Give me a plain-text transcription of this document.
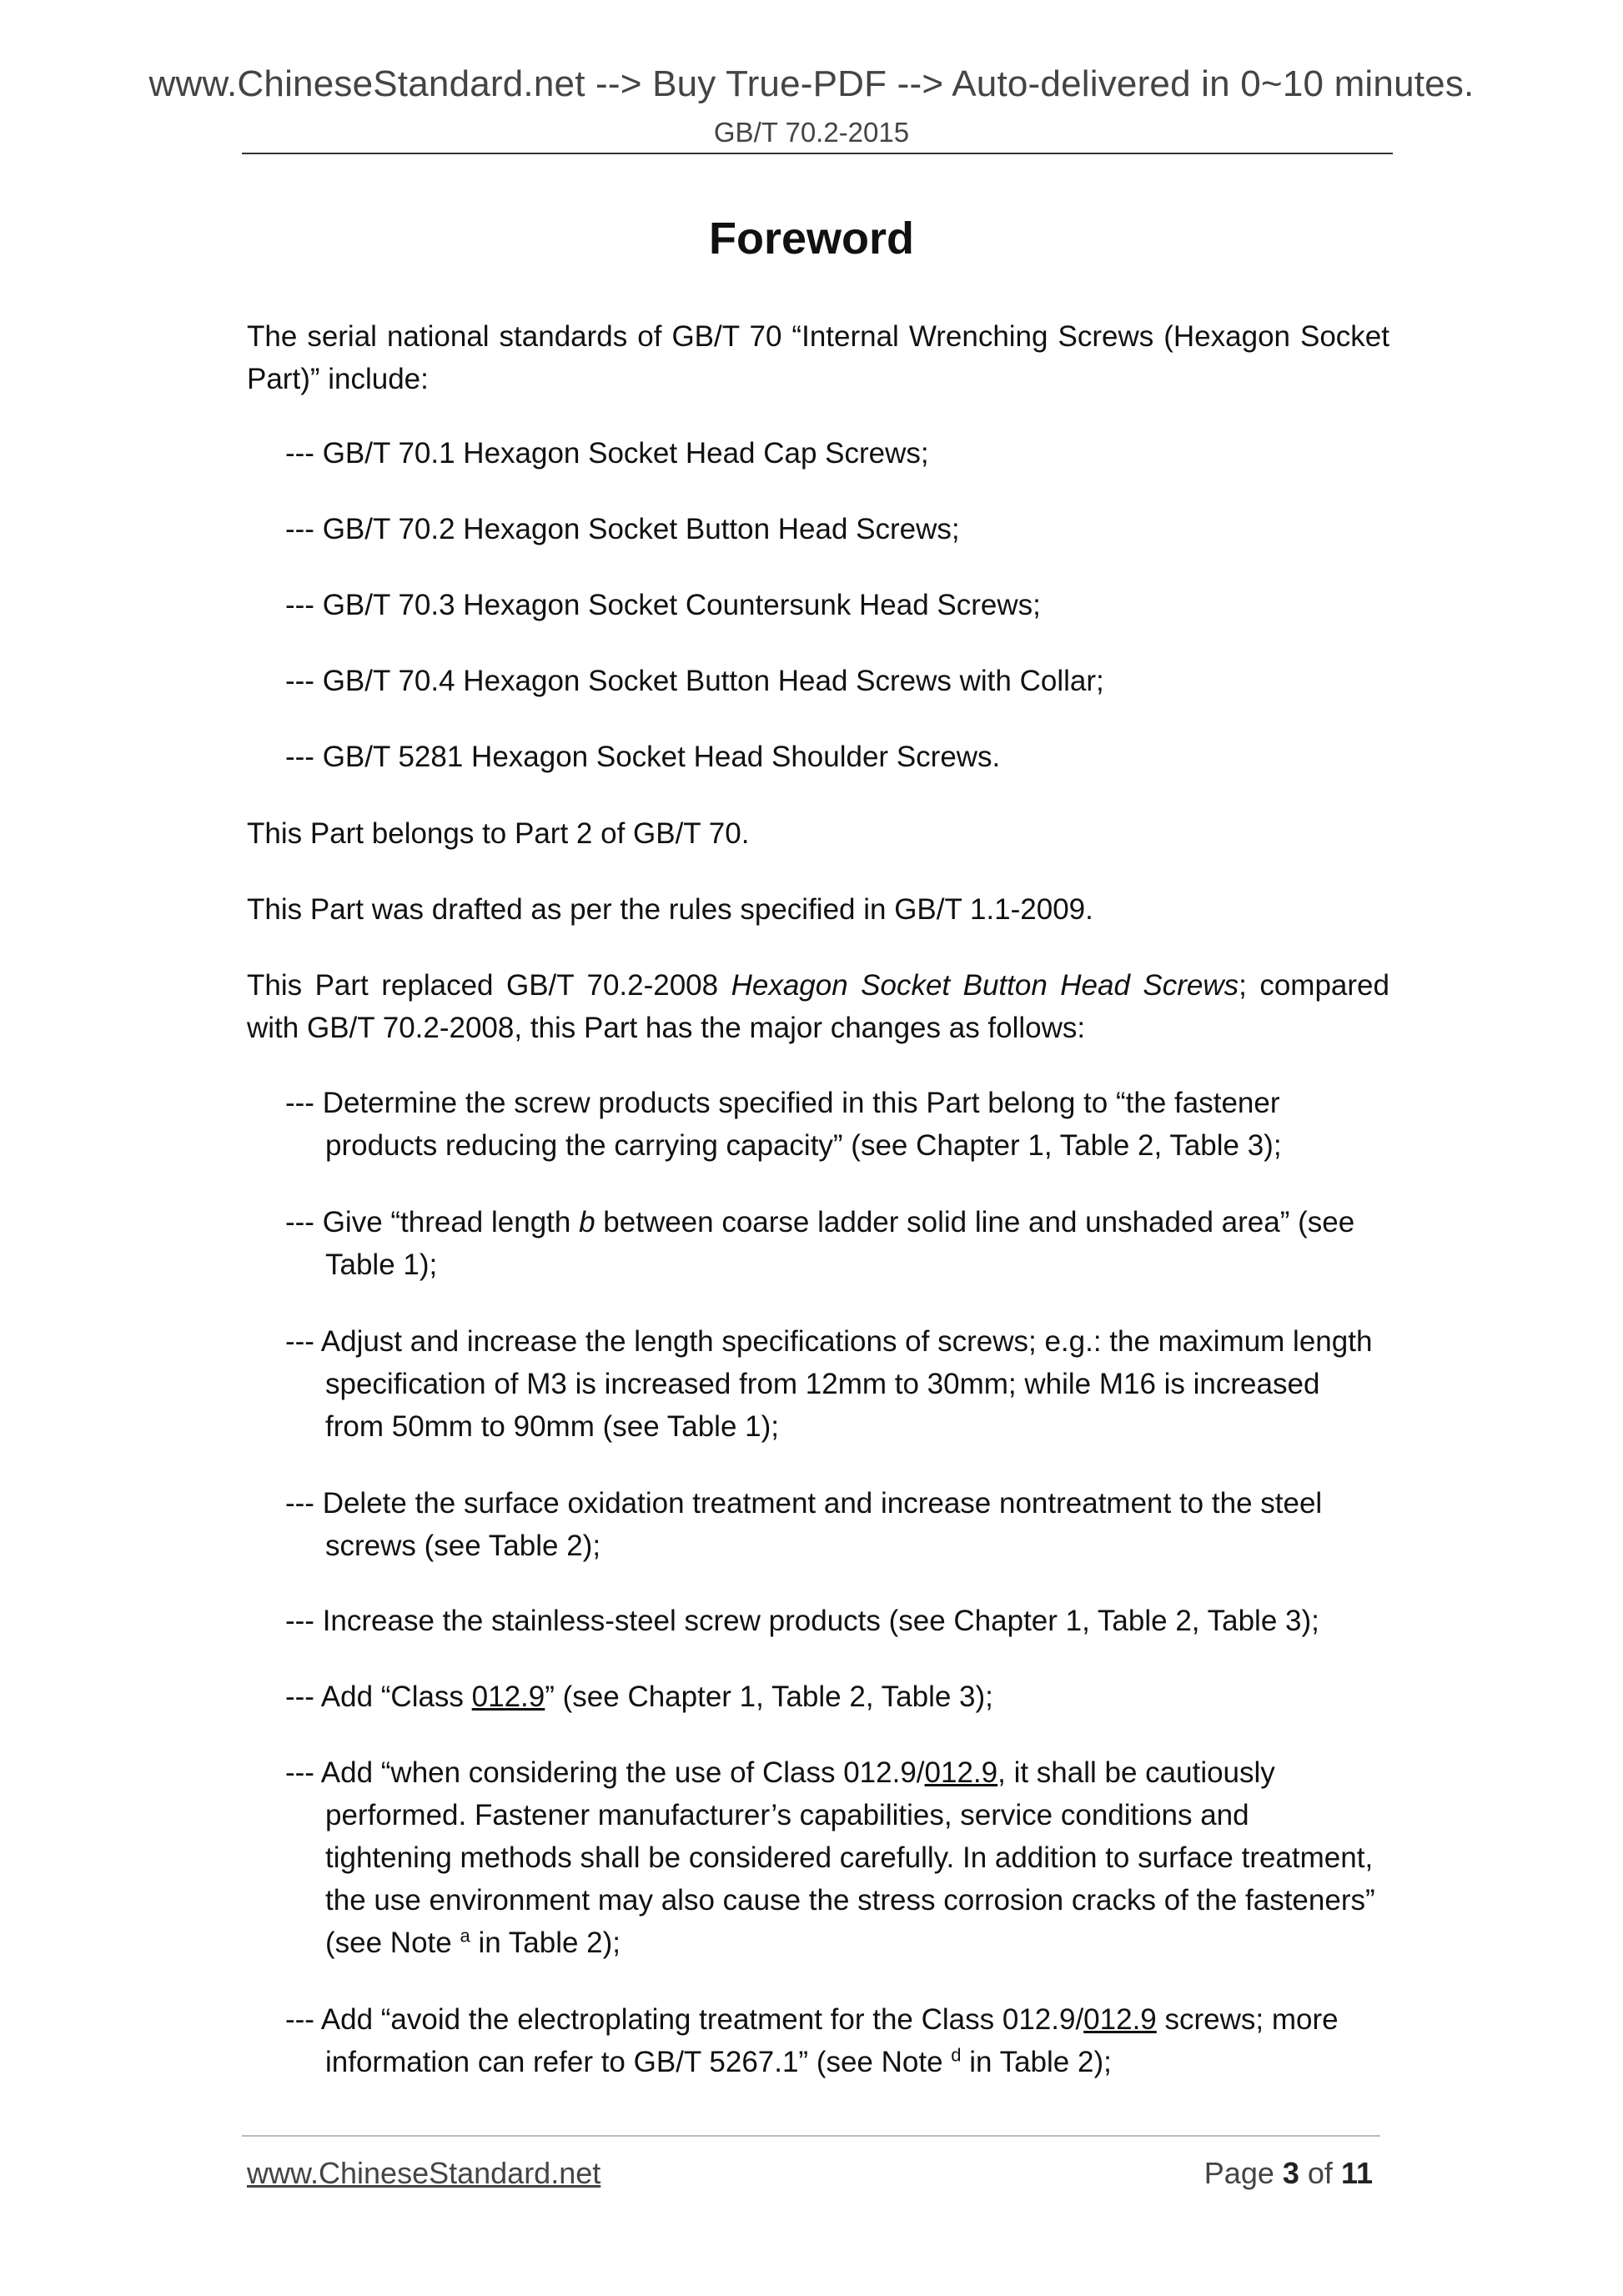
www.ChineseStandard.net --> Buy True-PDF --> Auto-delivered in 0~10 minutes.
GB/T 70.2-2015
Foreword
The serial national standards of GB/T 70 “Internal Wrenching Screws (Hexagon Socket Part)” include:
--- GB/T 70.1 Hexagon Socket Head Cap Screws;
--- GB/T 70.2 Hexagon Socket Button Head Screws;
--- GB/T 70.3 Hexagon Socket Countersunk Head Screws;
--- GB/T 70.4 Hexagon Socket Button Head Screws with Collar;
--- GB/T 5281 Hexagon Socket Head Shoulder Screws.
This Part belongs to Part 2 of GB/T 70.
This Part was drafted as per the rules specified in GB/T 1.1-2009.
This Part replaced GB/T 70.2-2008 Hexagon Socket Button Head Screws; compared with GB/T 70.2-2008, this Part has the major changes as follows:
--- Determine the screw products specified in this Part belong to “the fastener
products reducing the carrying capacity” (see Chapter 1, Table 2, Table 3);
--- Give “thread length b between coarse ladder solid line and unshaded area” (see
Table 1);
--- Adjust and increase the length specifications of screws; e.g.: the maximum length
specification of M3 is increased from 12mm to 30mm; while M16 is increased
from 50mm to 90mm (see Table 1);
--- Delete the surface oxidation treatment and increase nontreatment to the steel
screws (see Table 2);
--- Increase the stainless-steel screw products (see Chapter 1, Table 2, Table 3);
--- Add “Class 012.9” (see Chapter 1, Table 2, Table 3);
--- Add “when considering the use of Class 012.9/012.9, it shall be cautiously
performed. Fastener manufacturer’s capabilities, service conditions and
tightening methods shall be considered carefully. In addition to surface treatment,
the use environment may also cause the stress corrosion cracks of the fasteners”
(see Note $^a$ in Table 2);
--- Add “avoid the electroplating treatment for the Class 012.9/012.9 screws; more
information can refer to GB/T 5267.1” (see Note $^d$ in Table 2);
www.ChineseStandard.net	Page 3 of 11
